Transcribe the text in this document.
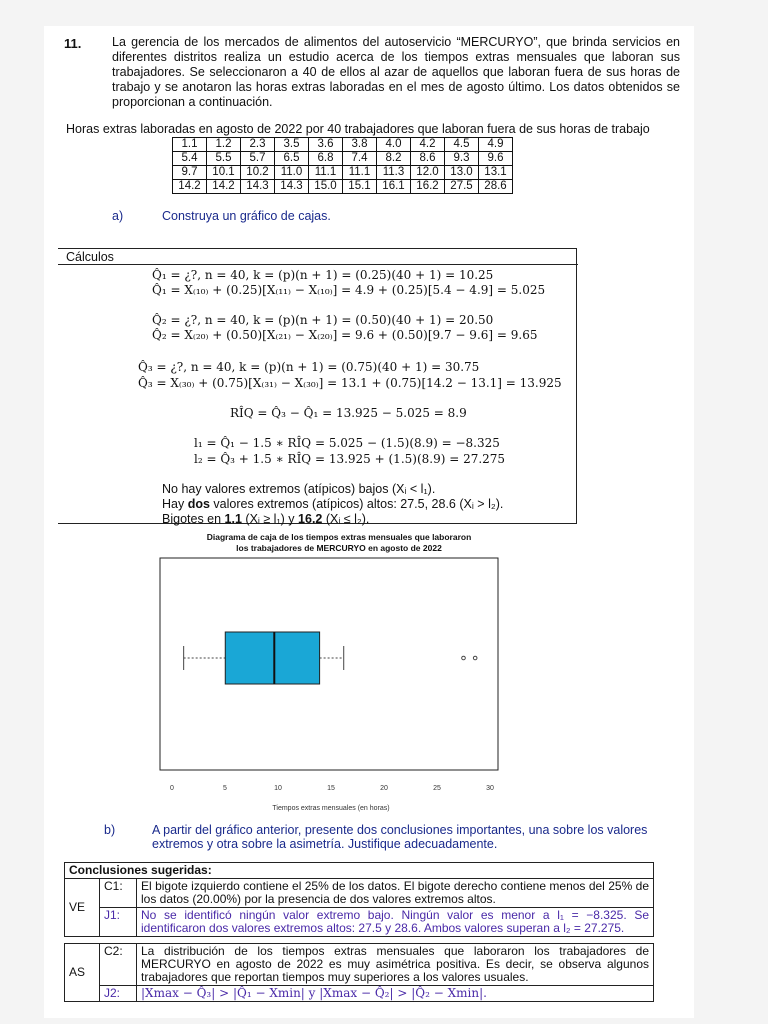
11. La gerencia de los mercados de alimentos del autoservicio “MERCURYO”, que brinda servicios en diferentes distritos realiza un estudio acerca de los tiempos extras mensuales que laboran sus trabajadores. Se seleccionaron a 40 de ellos al azar de aquellos que laboran fuera de sus horas de trabajo y se anotaron las horas extras laboradas en el mes de agosto último. Los datos obtenidos se proporcionan a continuación.
Horas extras laboradas en agosto de 2022 por 40 trabajadores que laboran fuera de sus horas de trabajo
1.1	1.2	2.3	3.5	3.6	3.8	4.0	4.2	4.5	4.9
5.4	5.5	5.7	6.5	6.8	7.4	8.2	8.6	9.3	9.6
9.7	10.1	10.2	11.0	11.1	11.1	11.3	12.0	13.0	13.1
14.2	14.2	14.3	14.3	15.0	15.1	16.1	16.2	27.5	28.6
a)	Construya un gráfico de cajas.
Cálculos
Q̂₁ = ¿?, n = 40, k = (p)(n + 1) = (0.25)(40 + 1) = 10.25
Q̂₁ = X₍₁₀₎ + (0.25)[X₍₁₁₎ − X₍₁₀₎] = 4.9 + (0.25)[5.4 − 4.9] = 5.025
Q̂₂ = ¿?, n = 40, k = (p)(n + 1) = (0.50)(40 + 1) = 20.50
Q̂₂ = X₍₂₀₎ + (0.50)[X₍₂₁₎ − X₍₂₀₎] = 9.6 + (0.50)[9.7 − 9.6] = 9.65
Q̂₃ = ¿?, n = 40, k = (p)(n + 1) = (0.75)(40 + 1) = 30.75
Q̂₃ = X₍₃₀₎ + (0.75)[X₍₃₁₎ − X₍₃₀₎] = 13.1 + (0.75)[14.2 − 13.1] = 13.925
RÎQ = Q̂₃ − Q̂₁ = 13.925 − 5.025 = 8.9
l₁ = Q̂₁ − 1.5 ∗ RÎQ = 5.025 − (1.5)(8.9) = −8.325
l₂ = Q̂₃ + 1.5 ∗ RÎQ = 13.925 + (1.5)(8.9) = 27.275
No hay valores extremos (atípicos) bajos (Xᵢ < l₁).
Hay dos valores extremos (atípicos) altos: 27.5, 28.6 (Xᵢ > l₂).
Bigotes en 1.1 (Xᵢ ≥ l₁) y 16.2 (Xᵢ ≤ l₂).
Diagrama de caja de los tiempos extras mensuales que laboraron
los trabajadores de MERCURYO en agosto de 2022
0	5	10	15	20	25	30
Tiempos extras mensuales (en horas)
b)	A partir del gráfico anterior, presente dos conclusiones importantes, una sobre los valores extremos y otra sobre la asimetría. Justifique adecuadamente.
Conclusiones sugeridas:		
VE	C1:	El bigote izquierdo contiene el 25% de los datos. El bigote derecho contiene menos del 25% de los datos (20.00%) por la presencia de dos valores extremos altos.
	J1:	No se identificó ningún valor extremo bajo. Ningún valor es menor a l₁ = −8.325. Se identificaron dos valores extremos altos: 27.5 y 28.6. Ambos valores superan a l₂ = 27.275.

AS	C2:	La distribución de los tiempos extras mensuales que laboraron los trabajadores de MERCURYO en agosto de 2022 es muy asimétrica positiva. Es decir, se observa algunos trabajadores que reportan tiempos muy superiores a los valores usuales.
	J2:	|Xmax − Q̂₃| > |Q̂₁ − Xmin| y |Xmax − Q̂₂| > |Q̂₂ − Xmin|.
